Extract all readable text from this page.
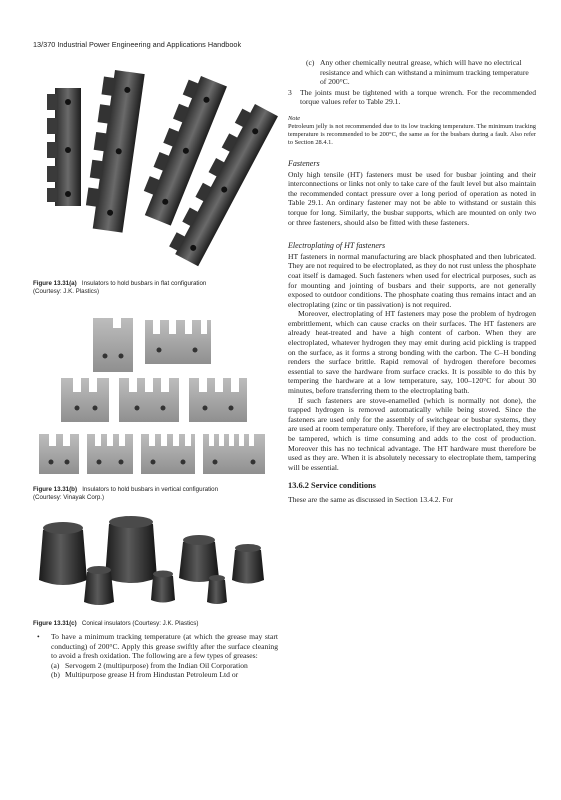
13/370 Industrial Power Engineering and Applications Handbook
Figure 13.31(a) Insulators to hold busbars in flat configuration
(Courtesy: J.K. Plastics)
Figure 13.31(b) Insulators to hold busbars in vertical configuration
(Courtesy: Vinayak Corp.)
Figure 13.31(c) Conical insulators (Courtesy: J.K. Plastics)
• To have a minimum tracking temperature (at which the grease may start conducting) of 200°C. Apply this grease swiftly after the surface cleaning to avoid a fresh oxidation. The following are a few types of greases:

(a) Servogem 2 (multipurpose) from the Indian Oil Corporation
(b) Multipurpose grease H from Hindustan Petroleum Ltd or
(c) Any other chemically neutral grease, which will have no electrical resistance and which can withstand a minimum tracking temperature of 200°C.
3 The joints must be tightened with a torque wrench. For the recommended torque values refer to Table 29.1.

Note

Petroleum jelly is not recommended due to its low tracking temperature. The minimum tracking temperature is recommended to be 200°C, the same as for the busbars during a fault. Also refer to Section 28.4.1.

Fasteners

Only high tensile (HT) fasteners must be used for busbar jointing and their interconnections or links not only to take care of the fault level but also maintain the recommended contact pressure over a long period of operation as noted in Table 29.1. An ordinary fastener may not be able to withstand or sustain this torque for long. Similarly, the busbar supports, which are mounted on only two or three fasteners, should also be fitted with these fasteners.

Electroplating of HT fasteners

HT fasteners in normal manufacturing are black phosphated and then lubricated. They are not required to be electroplated, as they do not rust unless the phosphate coat itself is damaged. Such fasteners when used for electrical purposes, such as for mounting and jointing of busbars and their supports, are not generally exposed to outdoor conditions. The phosphate coating thus remains intact and an electroplating (zinc or tin passivation) is not required.

Moreover, electroplating of HT fasteners may pose the problem of hydrogen embrittlement, which can cause cracks on their surfaces. The HT fasteners are already heat-treated and have a high content of carbon. When they are electroplated, whatever hydrogen they may emit during acid pickling is trapped on the surface, as it forms a strong bonding with the carbon. The C–H bonding renders the surface brittle. Rapid removal of hydrogen therefore becomes essential to save the hardware from surface cracks. It is possible to do this by tempering the hardware at a low temperature, say, 100–120°C for about 30 minutes, before transferring them to the electroplating bath.

If such fasteners are stove-enamelled (which is normally not done), the trapped hydrogen is removed automatically while being stoved. Since the fasteners are used only for the assembly of switchgear or busbar systems, they are used at room temperature only. Therefore, if they are electroplated, they must be tampered, which is time consuming and adds to the cost of production. Moreover this has no technical advantage. The HT hardware must therefore be used as they are. When it is absolutely necessary to electroplate them, tampering will be essential.

13.6.2 Service conditions

These are the same as discussed in Section 13.4.2. For
